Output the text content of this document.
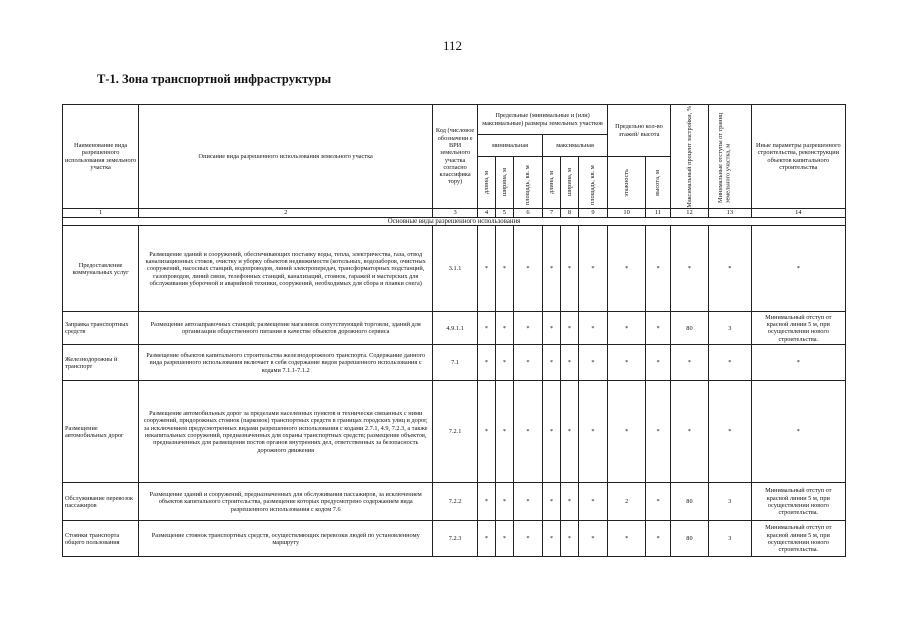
112
Т-1. Зона транспортной инфраструктуры
Наименование вида разрешенного использования земельного участка	Описание вида разрешенного использования земельного участка	Код (числовое обозначени е ВРИ земельного участка согласно классифика тору)	Предельные (минимальные и (или) максимальные) размеры земельных участков						Предельно кол-во этажей/ высота		Максимальный процент застройки, %	Минимальные отступы от границ земельного участка, м	Иные параметры разрешенного строительства, реконструкции объектов капитального строительства
			минимальная			максимальная							

			длина, м	ширина, м	площадь, кв. м	длина, м	ширина, м	площадь, кв. м	этажность	высота, м			

1	2	3	4	5	6	7	8	9	10	11	12	13	14
Основные виды разрешенного использования													
Предоставление коммунальных услуг	Размещение зданий и сооружений, обеспечивающих поставку воды, тепла, электричества, газа, отвод канализационных стоков, очистку и уборку объектов недвижимости (котельных, водозаборов, очистных сооружений, насосных станций, водопроводов, линий электропередач, трансформаторных подстанций, газопроводов, линий связи, телефонных станций, канализаций, стоянок, гаражей и мастерских для обслуживания уборочной и аварийной техники, сооружений, необходимых для сбора и плавки снега)	3.1.1	*	*	*	*	*	*	*	*	*	*	*
Заправка транспортных средств	Размещение автозаправочных станций; размещение магазинов сопутствующей торговли, зданий для организации общественного питания в качестве объектов дорожного сервиса	4.9.1.1	*	*	*	*	*	*	*	*	80	3	Минимальный отступ от красной линии 5 м, при осуществлении нового строительства.
Железнодорожны й транспорт	Размещение объектов капитального строительства железнодорожного транспорта. Содержание данного вида разрешенного использования включает в себя содержание видов разрешенного использования с кодами 7.1.1-7.1.2	7.1	*	*	*	*	*	*	*	*	*	*	*
Размещение автомобильных дорог	Размещение автомобильных дорог за пределами населенных пунктов и технически связанных с ними сооружений, придорожных стоянок (парковок) транспортных средств в границах городских улиц и дорог, за исключением предусмотренных видами разрешенного использования с кодами 2.7.1, 4.9, 7.2.3, а также некапитальных сооружений, предназначенных для охраны транспортных средств; размещение объектов, предназначенных для размещения постов органов внутренних дел, ответственных за безопасность дорожного движения	7.2.1	*	*	*	*	*	*	*	*	*	*	*
Обслуживание перевозок пассажиров	Размещение зданий и сооружений, предназначенных для обслуживания пассажиров, за исключением объектов капитального строительства, размещение которых предусмотрено содержанием вида разрешенного использования с кодом 7.6	7.2.2	*	*	*	*	*	*	2	*	80	3	Минимальный отступ от красной линии 5 м, при осуществлении нового строительства.
Стоянки транспорта общего пользования	Размещение стоянок транспортных средств, осуществляющих перевозки людей по установленному маршруту	7.2.3	*	*	*	*	*	*	*	*	80	3	Минимальный отступ от красной линии 5 м, при осуществлении нового строительства.
